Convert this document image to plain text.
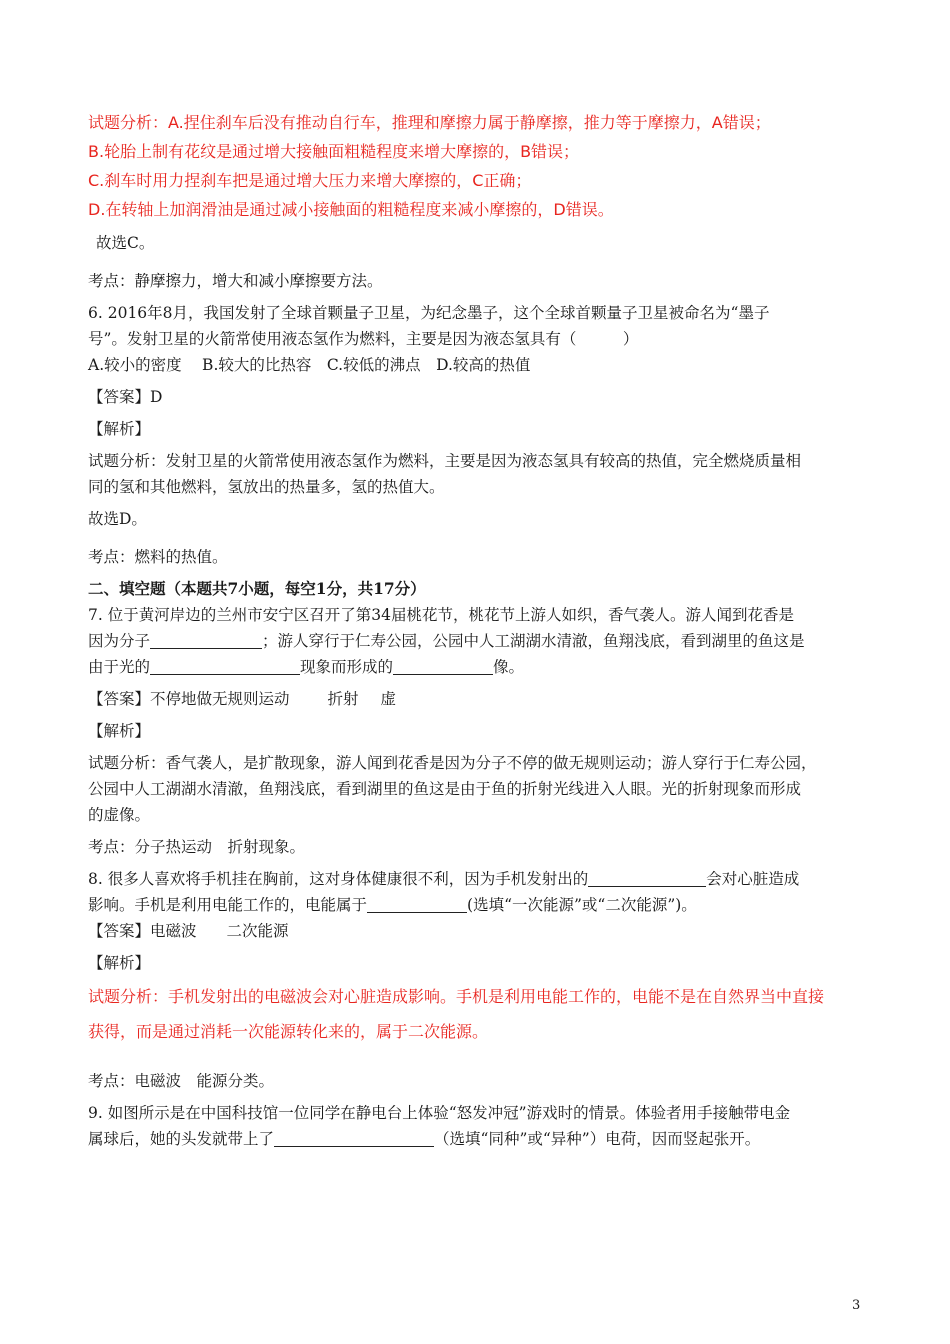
试题分析：A.捏住刹车后没有推动自行车，推理和摩擦力属于静摩擦，推力等于摩擦力，A错误；

B.轮胎上制有花纹是通过增大接触面粗糙程度来增大摩擦的，B错误；

C.刹车时用力捏刹车把是通过增大压力来增大摩擦的，C正确；

D.在转轴上加润滑油是通过减小接触面的粗糙程度来减小摩擦的，D错误。

故选C。

考点：静摩擦力，增大和减小摩擦要方法。

6. 2016年8月，我国发射了全球首颗量子卫星，为纪念墨子，这个全球首颗量子卫星被命名为“墨子

号”。发射卫星的火箭常使用液态氢作为燃料，主要是因为液态氢具有（　　　）

A.较小的密度　 B.较大的比热容　C.较低的沸点　D.较高的热值

【答案】D

【解析】

试题分析：发射卫星的火箭常使用液态氢作为燃料，主要是因为液态氢具有较高的热值，完全燃烧质量相

同的氢和其他燃料，氢放出的热量多，氢的热值大。

故选D。

考点：燃料的热值。

二、填空题（本题共7小题，每空1分，共17分）

7. 位于黄河岸边的兰州市安宁区召开了第34届桃花节，桃花节上游人如织，香气袭人。游人闻到花香是

因为分子	；游人穿行于仁寿公园，公园中人工湖湖水清澈，鱼翔浅底，看到湖里的鱼这是

由于光的	现象而形成的	像。

【答案】不停地做无规则运动 折射 虚

【解析】

试题分析：香气袭人，是扩散现象，游人闻到花香是因为分子不停的做无规则运动；游人穿行于仁寿公园，

公园中人工湖湖水清澈，鱼翔浅底，看到湖里的鱼这是由于鱼的折射光线进入人眼。光的折射现象而形成

的虚像。

考点：分子热运动　折射现象。

8. 很多人喜欢将手机挂在胸前，这对身体健康很不利，因为手机发射出的	会对心脏造成

影响。手机是利用电能工作的，电能属于	(选填“一次能源”或“二次能源”)。

【答案】电磁波 二次能源

【解析】

试题分析：手机发射出的电磁波会对心脏造成影响。手机是利用电能工作的，电能不是在自然界当中直接

获得，而是通过消耗一次能源转化来的，属于二次能源。

考点：电磁波　能源分类。

9. 如图所示是在中国科技馆一位同学在静电台上体验“怒发冲冠”游戏时的情景。体验者用手接触带电金

属球后，她的头发就带上了	（选填“同种”或“异种”）电荷，因而竖起张开。

3
